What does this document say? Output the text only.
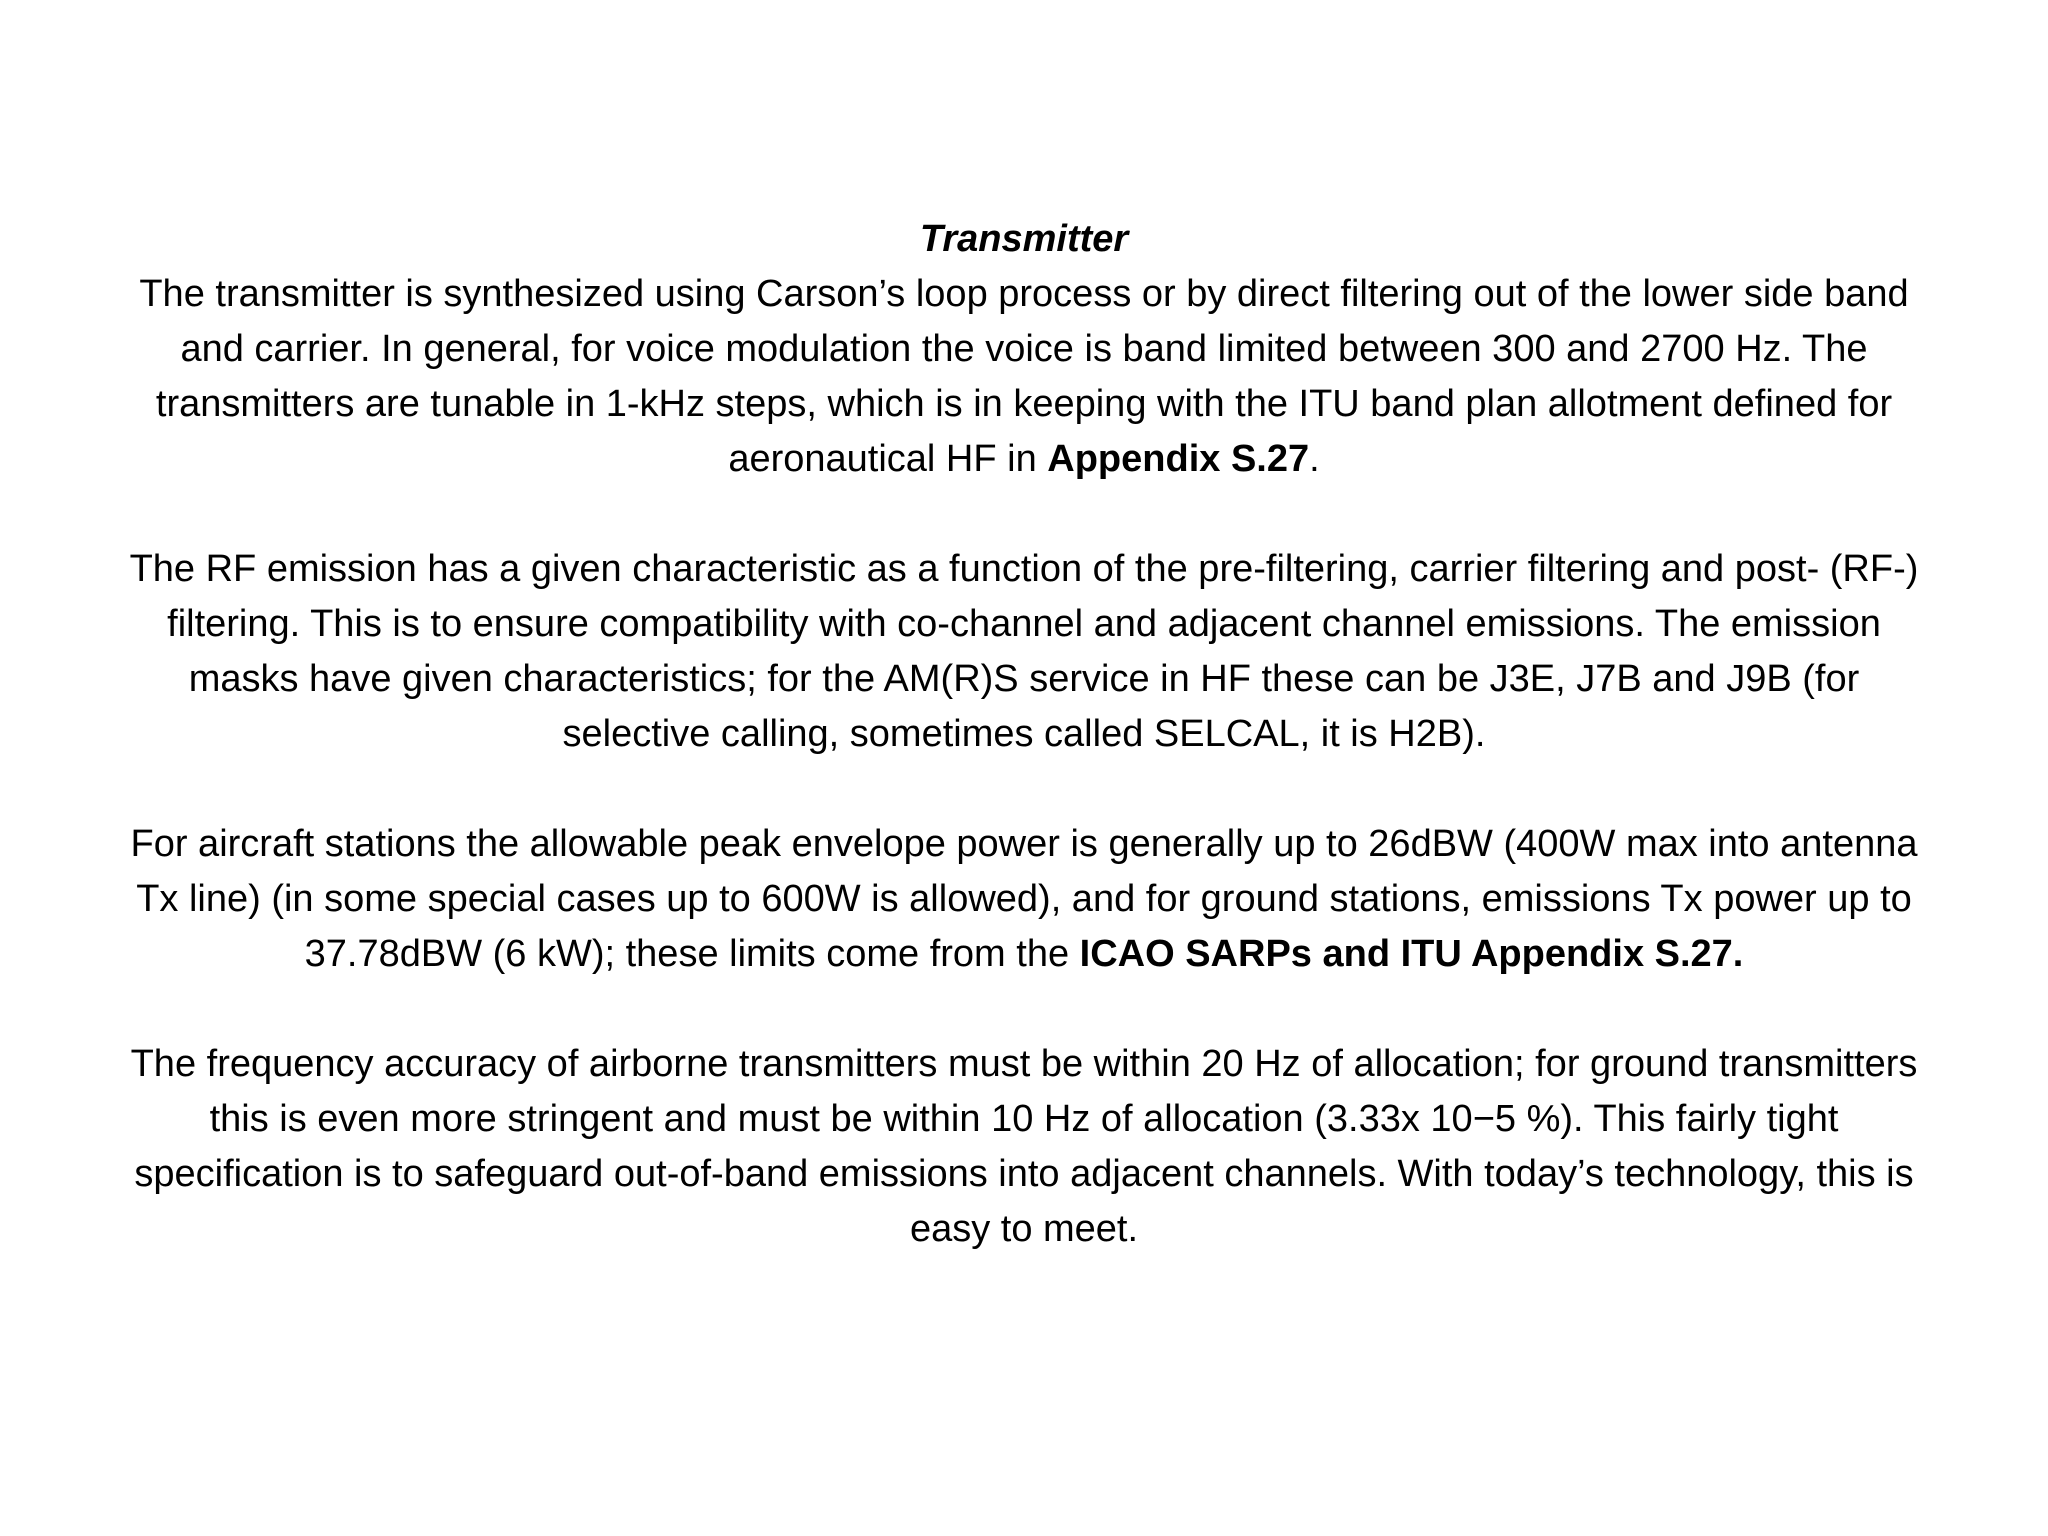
Transmitter

The transmitter is synthesized using Carson’s loop process or by direct filtering out of the lower side band and carrier. In general, for voice modulation the voice is band limited between 300 and 2700 Hz. The transmitters are tunable in 1-kHz steps, which is in keeping with the ITU band plan allotment defined for aeronautical HF in Appendix S.27.

The RF emission has a given characteristic as a function of the pre-filtering, carrier filtering and post- (RF-) filtering. This is to ensure compatibility with co-channel and adjacent channel emissions. The emission masks have given characteristics; for the AM(R)S service in HF these can be J3E, J7B and J9B (for selective calling, sometimes called SELCAL, it is H2B).

For aircraft stations the allowable peak envelope power is generally up to 26dBW (400W max into antenna Tx line) (in some special cases up to 600W is allowed), and for ground stations, emissions Tx power up to 37.78dBW (6 kW); these limits come from the ICAO SARPs and ITU Appendix S.27.

The frequency accuracy of airborne transmitters must be within 20 Hz of allocation; for ground transmitters this is even more stringent and must be within 10 Hz of allocation (3.33x 10−5 %). This fairly tight specification is to safeguard out-of-band emissions into adjacent channels. With today’s technology, this is easy to meet.
